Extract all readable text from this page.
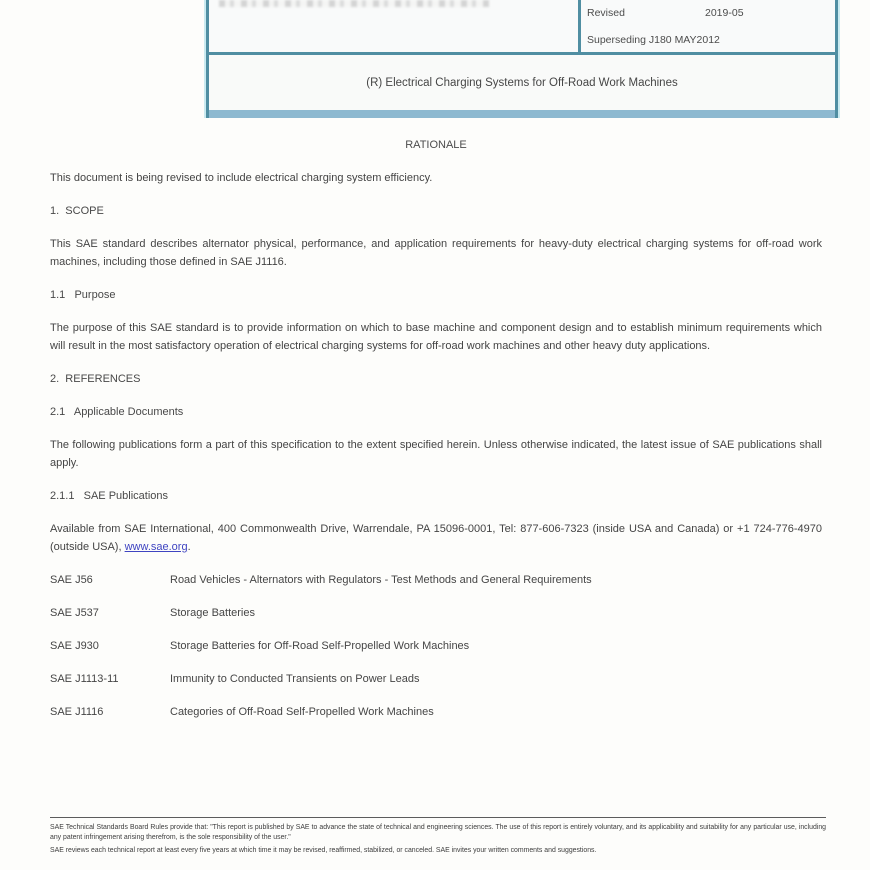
Revised	2019-05
Superseding J180 MAY2012
(R) Electrical Charging Systems for Off-Road Work Machines

RATIONALE

This document is being revised to include electrical charging system efficiency.

1.  SCOPE

This SAE standard describes alternator physical, performance, and application requirements for heavy-duty electrical charging systems for off-road work machines, including those defined in SAE J1116.

1.1   Purpose

The purpose of this SAE standard is to provide information on which to base machine and component design and to establish minimum requirements which will result in the most satisfactory operation of electrical charging systems for off-road work machines and other heavy duty applications.

2.  REFERENCES

2.1   Applicable Documents

The following publications form a part of this specification to the extent specified herein. Unless otherwise indicated, the latest issue of SAE publications shall apply.

2.1.1   SAE Publications

Available from SAE International, 400 Commonwealth Drive, Warrendale, PA 15096-0001, Tel: 877-606-7323 (inside USA and Canada) or +1 724-776-4970 (outside USA), www.sae.org.

SAE J56	Road Vehicles - Alternators with Regulators - Test Methods and General Requirements
SAE J537	Storage Batteries
SAE J930	Storage Batteries for Off-Road Self-Propelled Work Machines
SAE J1113-11	Immunity to Conducted Transients on Power Leads
SAE J1116	Categories of Off-Road Self-Propelled Work Machines

SAE Technical Standards Board Rules provide that: "This report is published by SAE to advance the state of technical and engineering sciences. The use of this report is entirely voluntary, and its applicability and suitability for any particular use, including any patent infringement arising therefrom, is the sole responsibility of the user."

SAE reviews each technical report at least every five years at which time it may be revised, reaffirmed, stabilized, or canceled. SAE invites your written comments and suggestions.
